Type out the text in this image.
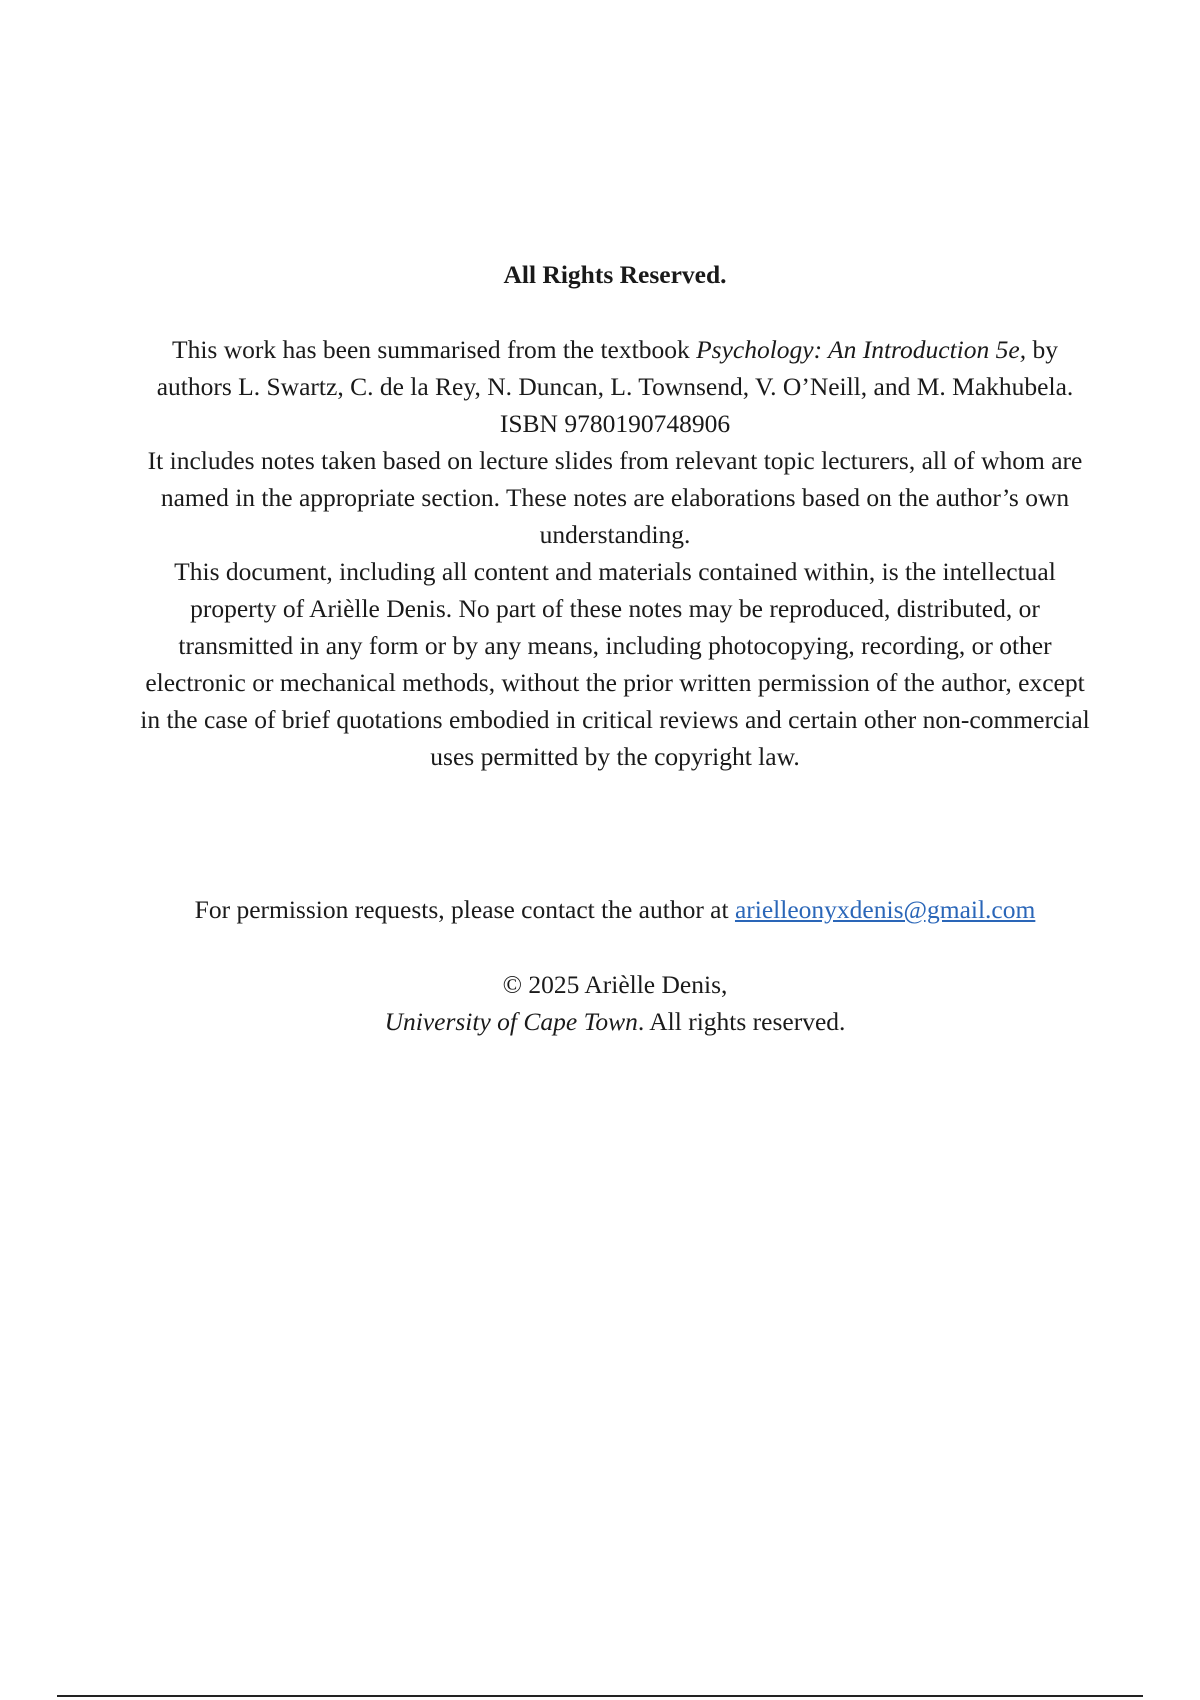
All Rights Reserved.

This work has been summarised from the textbook Psychology: An Introduction 5e, by authors L. Swartz, C. de la Rey, N. Duncan, L. Townsend, V. O’Neill, and M. Makhubela.

ISBN 9780190748906

It includes notes taken based on lecture slides from relevant topic lecturers, all of whom are named in the appropriate section. These notes are elaborations based on the author’s own understanding.

This document, including all content and materials contained within, is the intellectual property of Arièlle Denis. No part of these notes may be reproduced, distributed, or transmitted in any form or by any means, including photocopying, recording, or other electronic or mechanical methods, without the prior written permission of the author, except in the case of brief quotations embodied in critical reviews and certain other non-commercial uses permitted by the copyright law.

For permission requests, please contact the author at arielleonyxdenis@gmail.com

© 2025 Arièlle Denis,

University of Cape Town. All rights reserved.
